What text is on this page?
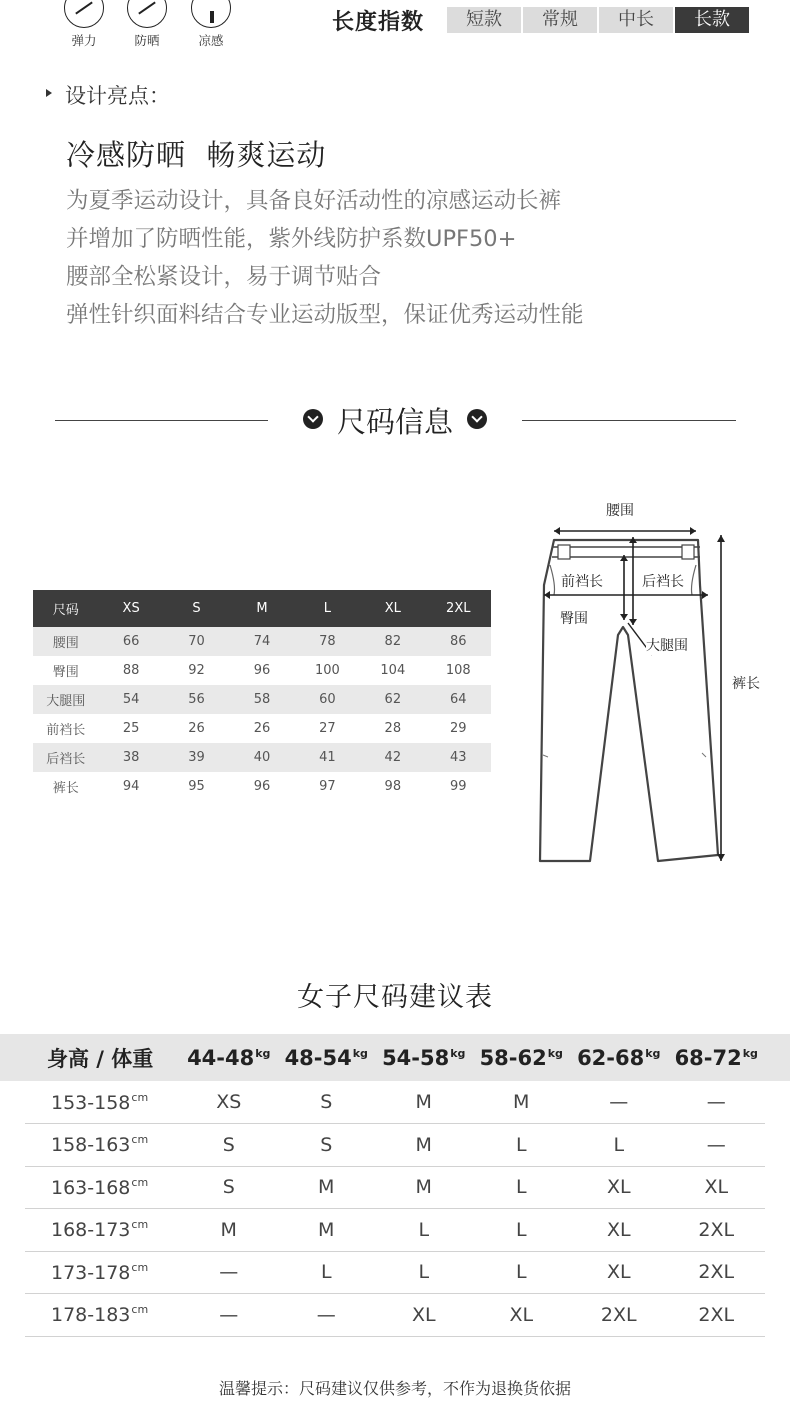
弹力	防晒	凉感
长度指数	短款	常规	中长	长款
设计亮点：
冷感防晒  畅爽运动
为夏季运动设计，具备良好活动性的凉感运动长裤
并增加了防晒性能，紫外线防护系数UPF50+
腰部全松紧设计，易于调节贴合
弹性针织面料结合专业运动版型，保证优秀运动性能
尺码信息
尺码	XS	S	M	L	XL	2XL
腰围	66	70	74	78	82	86
臀围	88	92	96	100	104	108
大腿围	54	56	58	60	62	64
前裆长	25	26	26	27	28	29
后裆长	38	39	40	41	42	43
裤长	94	95	96	97	98	99
腰围
前裆长	后裆长
臀围
大腿围
裤长
女子尺码建议表
身高 / 体重	$44-48^{kg}$	$48-54^{kg}$	$54-58^{kg}$	$58-62^{kg}$	$62-68^{kg}$	$68-72^{kg}$
$153-158^{cm}$	XS	S	M	M	—	—
$158-163^{cm}$	S	S	M	L	L	—
$163-168^{cm}$	S	M	M	L	XL	XL
$168-173^{cm}$	M	M	L	L	XL	2XL
$173-178^{cm}$	—	L	L	L	XL	2XL
$178-183^{cm}$	—	—	XL	XL	2XL	2XL
温馨提示：尺码建议仅供参考，不作为退换货依据
